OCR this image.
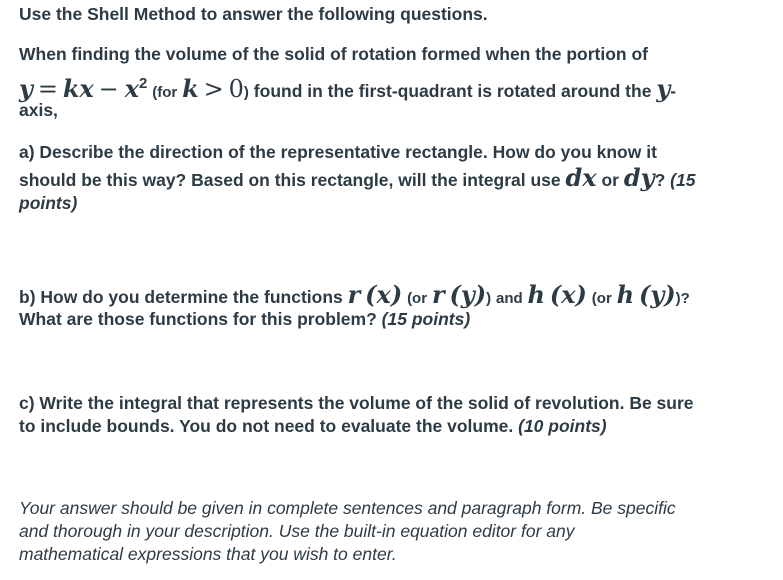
Use the Shell Method to answer the following questions.
When finding the volume of the solid of rotation formed when the portion of
y = kx − $x^2$ (for k > 0) found in the first-quadrant is rotated around the y-
axis,
a) Describe the direction of the representative rectangle. How do you know it
should be this way? Based on this rectangle, will the integral use dx or dy? (15
points)
b) How do you determine the functions r (x) (or r (y)) and h (x) (or h (y))?
What are those functions for this problem? (15 points)
c) Write the integral that represents the volume of the solid of revolution. Be sure
to include bounds. You do not need to evaluate the volume. (10 points)
Your answer should be given in complete sentences and paragraph form. Be specific
and thorough in your description. Use the built-in equation editor for any
mathematical expressions that you wish to enter.
